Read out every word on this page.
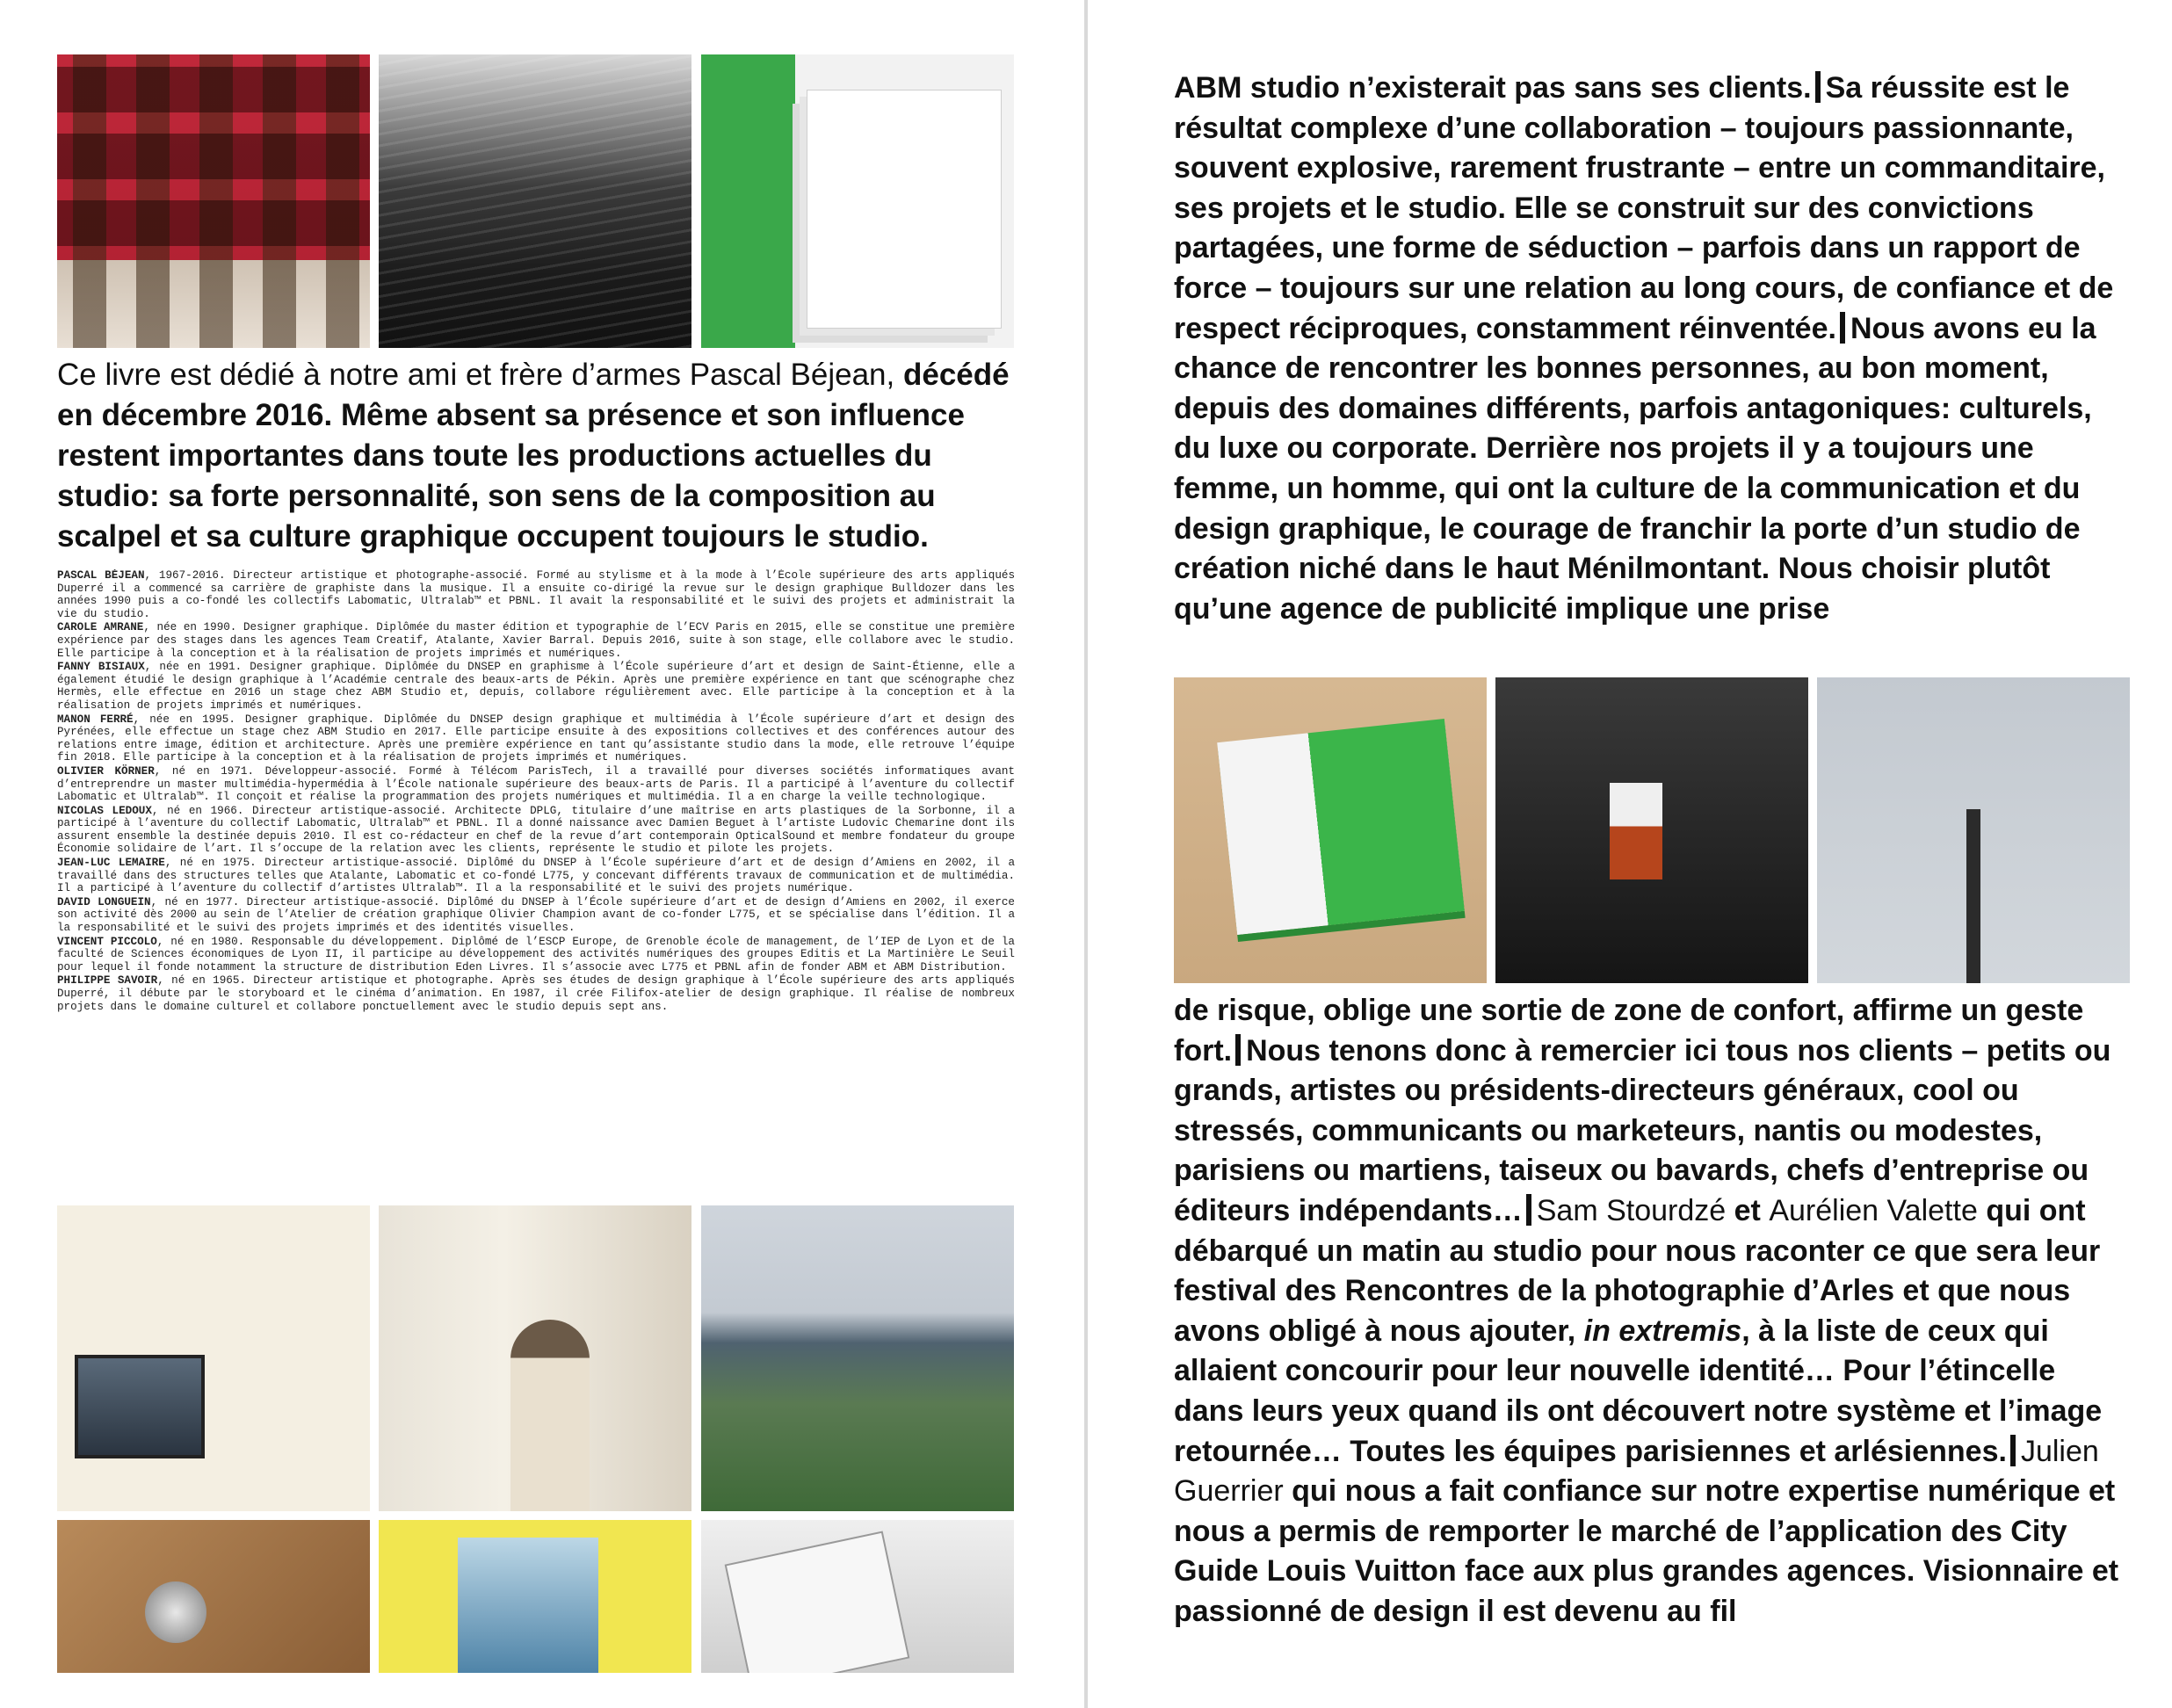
Ce livre est dédié à notre ami et frère d’armes Pascal Béjean, décédé en décembre 2016. Même absent sa présence et son influence restent importantes dans toute les productions actuelles du studio: sa forte personnalité, son sens de la composition au scalpel et sa culture graphique occupent toujours le studio.

PASCAL BÉJEAN, 1967-2016. Directeur artistique et photographe-associé. Formé au stylisme et à la mode à l’École supérieure des arts appliqués Duperré il a commencé sa carrière de graphiste dans la musique. Il a ensuite co-dirigé la revue sur le design graphique Bulldozer dans les années 1990 puis a co-fondé les collectifs Labomatic, Ultralab™ et PBNL. Il avait la responsabilité et le suivi des projets et administrait la vie du studio.

CAROLE AMRANE, née en 1990. Designer graphique. Diplômée du master édition et typographie de l’ECV Paris en 2015, elle se constitue une première expérience par des stages dans les agences Team Creatif, Atalante, Xavier Barral. Depuis 2016, suite à son stage, elle collabore avec le studio. Elle participe à la conception et à la réalisation de projets imprimés et numériques.

FANNY BISIAUX, née en 1991. Designer graphique. Diplômée du DNSEP en graphisme à l’École supérieure d’art et design de Saint-Étienne, elle a également étudié le design graphique à l’Académie centrale des beaux-arts de Pékin. Après une première expérience en tant que scénographe chez Hermès, elle effectue en 2016 un stage chez ABM Studio et, depuis, collabore régulièrement avec. Elle participe à la conception et à la réalisation de projets imprimés et numériques.

MANON FERRÉ, née en 1995. Designer graphique. Diplômée du DNSEP design graphique et multimédia à l’École supérieure d’art et design des Pyrénées, elle effectue un stage chez ABM Studio en 2017. Elle participe ensuite à des expositions collectives et des conférences autour des relations entre image, édition et architecture. Après une première expérience en tant qu’assistante studio dans la mode, elle retrouve l’équipe fin 2018. Elle participe à la conception et à la réalisation de projets imprimés et numériques.

OLIVIER KÖRNER, né en 1971. Développeur-associé. Formé à Télécom ParisTech, il a travaillé pour diverses sociétés informatiques avant d’entreprendre un master multimédia-hypermédia à l’École nationale supérieure des beaux-arts de Paris. Il a participé à l’aventure du collectif Labomatic et Ultralab™. Il conçoit et réalise la programmation des projets numériques et multimédia. Il a en charge la veille technologique.

NICOLAS LEDOUX, né en 1966. Directeur artistique-associé. Architecte DPLG, titulaire d’une maîtrise en arts plastiques de la Sorbonne, il a participé à l’aventure du collectif Labomatic, Ultralab™ et PBNL. Il a donné naissance avec Damien Beguet à l’artiste Ludovic Chemarine dont ils assurent ensemble la destinée depuis 2010. Il est co-rédacteur en chef de la revue d’art contemporain OpticalSound et membre fondateur du groupe Économie solidaire de l’art. Il s’occupe de la relation avec les clients, représente le studio et pilote les projets.

JEAN-LUC LEMAIRE, né en 1975. Directeur artistique-associé. Diplômé du DNSEP à l’École supérieure d’art et de design d’Amiens en 2002, il a travaillé dans des structures telles que Atalante, Labomatic et co-fondé L775, y concevant différents travaux de communication et de multimédia. Il a participé à l’aventure du collectif d’artistes Ultralab™. Il a la responsabilité et le suivi des projets numérique.

DAVID LONGUEIN, né en 1977. Directeur artistique-associé. Diplômé du DNSEP à l’École supérieure d’art et de design d’Amiens en 2002, il exerce son activité dès 2000 au sein de l’Atelier de création graphique Olivier Champion avant de co-fonder L775, et se spécialise dans l’édition. Il a la responsabilité et le suivi des projets imprimés et des identités visuelles.

VINCENT PICCOLO, né en 1980. Responsable du développement. Diplômé de l’ESCP Europe, de Grenoble école de management, de l’IEP de Lyon et de la faculté de Sciences économiques de Lyon II, il participe au développement des activités numériques des groupes Editis et La Martinière Le Seuil pour lequel il fonde notamment la structure de distribution Eden Livres. Il s’associe avec L775 et PBNL afin de fonder ABM et ABM Distribution.

PHILIPPE SAVOIR, né en 1965. Directeur artistique et photographe. Après ses études de design graphique à l’École supérieure des arts appliqués Duperré, il débute par le storyboard et le cinéma d’animation. En 1987, il crée Filifox-atelier de design graphique. Il réalise de nombreux projets dans le domaine culturel et collabore ponctuellement avec le studio depuis sept ans.

ABM studio n’existerait pas sans ses clients. Sa réussite est le résultat complexe d’une collaboration – toujours passionnante, souvent explosive, rarement frustrante – entre un commanditaire, ses projets et le studio. Elle se construit sur des convictions partagées, une forme de séduction – parfois dans un rapport de force – toujours sur une relation au long cours, de confiance et de respect réciproques, constamment réinventée. Nous avons eu la chance de rencontrer les bonnes personnes, au bon moment, depuis des domaines différents, parfois antagoniques: culturels, du luxe ou corporate. Derrière nos projets il y a toujours une femme, un homme, qui ont la culture de la communication et du design graphique, le courage de franchir la porte d’un studio de création niché dans le haut Ménilmontant. Nous choisir plutôt qu’une agence de publicité implique une prise
de risque, oblige une sortie de zone de confort, affirme un geste fort. Nous tenons donc à remercier ici tous nos clients – petits ou grands, artistes ou présidents-directeurs généraux, cool ou stressés, communicants ou marketeurs, nantis ou modestes, parisiens ou martiens, taiseux ou bavards, chefs d’entreprise ou éditeurs indépendants… Sam Stourdzé et Aurélien Valette qui ont débarqué un matin au studio pour nous raconter ce que sera leur festival des Rencontres de la photographie d’Arles et que nous avons obligé à nous ajouter, in extremis, à la liste de ceux qui allaient concourir pour leur nouvelle identité… Pour l’étincelle dans leurs yeux quand ils ont découvert notre système et l’image retournée… Toutes les équipes parisiennes et arlésiennes. Julien Guerrier qui nous a fait confiance sur notre expertise numérique et nous a permis de remporter le marché de l’application des City Guide Louis Vuitton face aux plus grandes agences. Visionnaire et passionné de design il est devenu au fil
